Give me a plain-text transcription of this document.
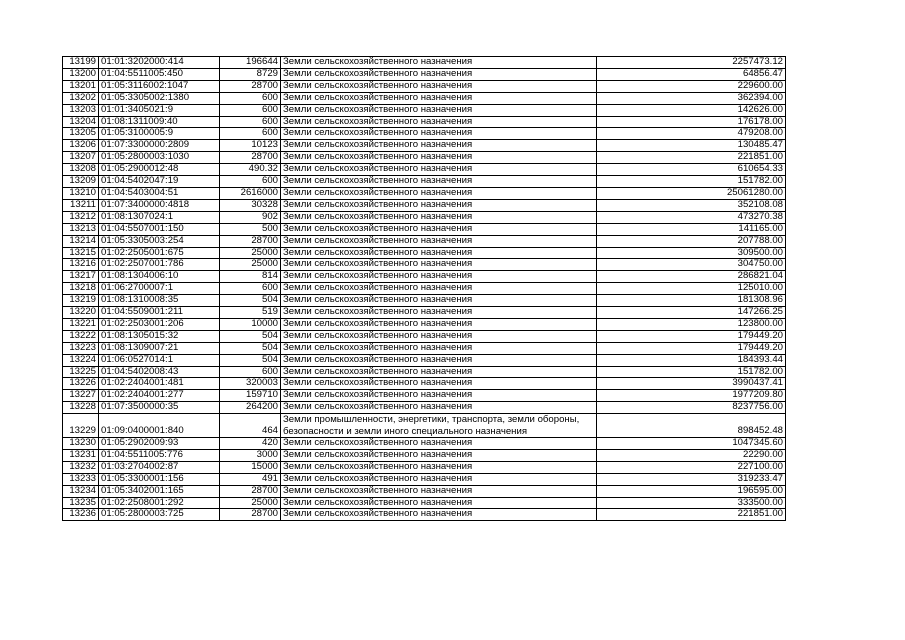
13199	01:01:3202000:414	196644	Земли сельскохозяйственного назначения	2257473.12
13200	01:04:5511005:450	8729	Земли сельскохозяйственного назначения	64856.47
13201	01:05:3116002:1047	28700	Земли сельскохозяйственного назначения	229600.00
13202	01:05:3305002:1380	600	Земли сельскохозяйственного назначения	362394.00
13203	01:01:3405021:9	600	Земли сельскохозяйственного назначения	142626.00
13204	01:08:1311009:40	600	Земли сельскохозяйственного назначения	176178.00
13205	01:05:3100005:9	600	Земли сельскохозяйственного назначения	479208.00
13206	01:07:3300000:2809	10123	Земли сельскохозяйственного назначения	130485.47
13207	01:05:2800003:1030	28700	Земли сельскохозяйственного назначения	221851.00
13208	01:05:2900012:48	490.32	Земли сельскохозяйственного назначения	610654.33
13209	01:04:5402047:19	600	Земли сельскохозяйственного назначения	151782.00
13210	01:04:5403004:51	2616000	Земли сельскохозяйственного назначения	25061280.00
13211	01:07:3400000:4818	30328	Земли сельскохозяйственного назначения	352108.08
13212	01:08:1307024:1	902	Земли сельскохозяйственного назначения	473270.38
13213	01:04:5507001:150	500	Земли сельскохозяйственного назначения	141165.00
13214	01:05:3305003:254	28700	Земли сельскохозяйственного назначения	207788.00
13215	01:02:2505001:675	25000	Земли сельскохозяйственного назначения	309500.00
13216	01:02:2507001:786	25000	Земли сельскохозяйственного назначения	304750.00
13217	01:08:1304006:10	814	Земли сельскохозяйственного назначения	286821.04
13218	01:06:2700007:1	600	Земли сельскохозяйственного назначения	125010.00
13219	01:08:1310008:35	504	Земли сельскохозяйственного назначения	181308.96
13220	01:04:5509001:211	519	Земли сельскохозяйственного назначения	147266.25
13221	01:02:2503001:206	10000	Земли сельскохозяйственного назначения	123800.00
13222	01:08:1305015:32	504	Земли сельскохозяйственного назначения	179449.20
13223	01:08:1309007:21	504	Земли сельскохозяйственного назначения	179449.20
13224	01:06:0527014:1	504	Земли сельскохозяйственного назначения	184393.44
13225	01:04:5402008:43	600	Земли сельскохозяйственного назначения	151782.00
13226	01:02:2404001:481	320003	Земли сельскохозяйственного назначения	3990437.41
13227	01:02:2404001:277	159710	Земли сельскохозяйственного назначения	1977209.80
13228	01:07:3500000:35	264200	Земли сельскохозяйственного назначения	8237756.00
13229	01:09:0400001:840	464	Земли промышленности, энергетики, транспорта, земли обороны, безопасности и земли иного специального назначения	898452.48
13230	01:05:2902009:93	420	Земли сельскохозяйственного назначения	1047345.60
13231	01:04:5511005:776	3000	Земли сельскохозяйственного назначения	22290.00
13232	01:03:2704002:87	15000	Земли сельскохозяйственного назначения	227100.00
13233	01:05:3300001:156	491	Земли сельскохозяйственного назначения	319233.47
13234	01:05:3402001:165	28700	Земли сельскохозяйственного назначения	196595.00
13235	01:02:2508001:292	25000	Земли сельскохозяйственного назначения	333500.00
13236	01:05:2800003:725	28700	Земли сельскохозяйственного назначения	221851.00
